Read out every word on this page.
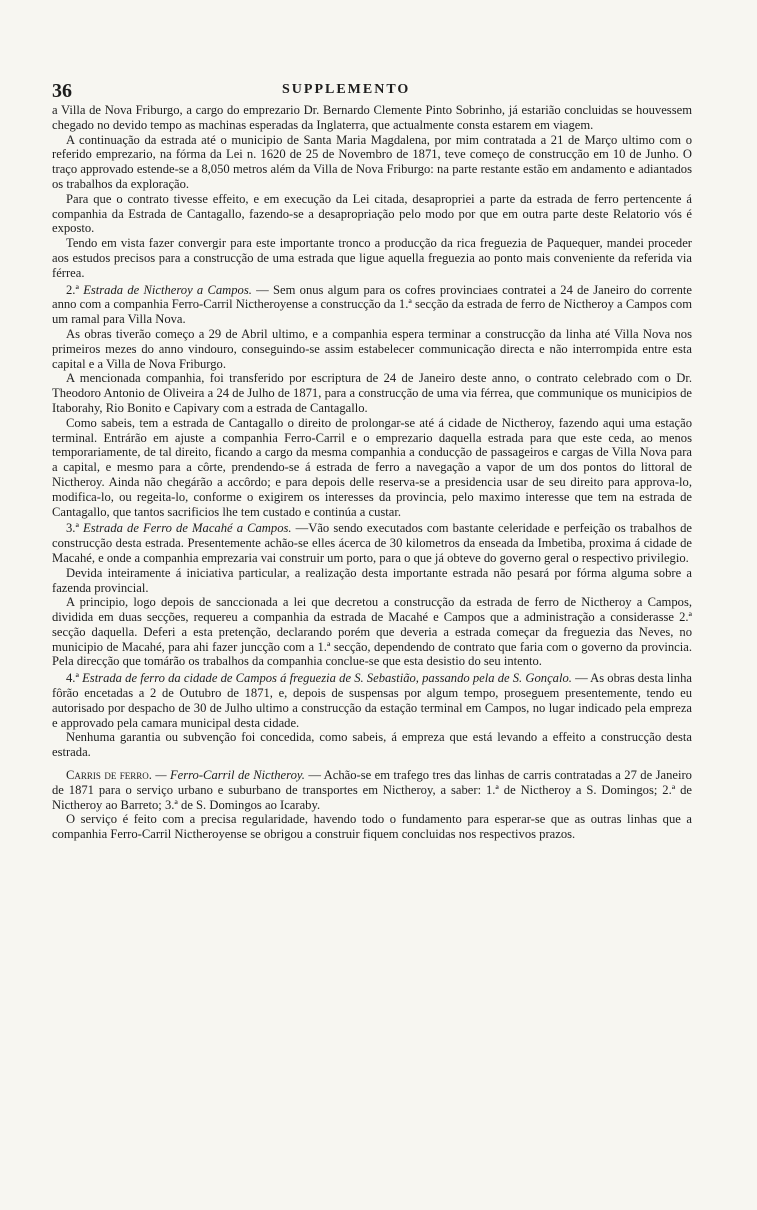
36	SUPPLEMENTO

a Villa de Nova Friburgo, a cargo do emprezario Dr. Bernardo Clemente Pinto Sobrinho, já estarião concluidas se houvessem chegado no devido tempo as machinas esperadas da Inglaterra, que actualmente consta estarem em viagem.

A continuação da estrada até o municipio de Santa Maria Magdalena, por mim contratada a 21 de Março ultimo com o referido emprezario, na fórma da Lei n. 1620 de 25 de Novembro de 1871, teve começo de construcção em 10 de Junho. O traço approvado estende-se a 8,050 metros além da Villa de Nova Friburgo: na parte restante estão em andamento e adiantados os trabalhos da exploração.

Para que o contrato tivesse effeito, e em execução da Lei citada, desapropriei a parte da estrada de ferro pertencente á companhia da Estrada de Cantagallo, fazendo-se a desapropriação pelo modo por que em outra parte deste Relatorio vós é exposto.

Tendo em vista fazer convergir para este importante tronco a producção da rica freguezia de Paquequer, mandei proceder aos estudos precisos para a construcção de uma estrada que ligue aquella freguezia ao ponto mais conveniente da referida via férrea.

2.ª Estrada de Nictheroy a Campos. — Sem onus algum para os cofres provinciaes contratei a 24 de Janeiro do corrente anno com a companhia Ferro-Carril Nictheroyense a construcção da 1.ª secção da estrada de ferro de Nictheroy a Campos com um ramal para Villa Nova.

As obras tiverão começo a 29 de Abril ultimo, e a companhia espera terminar a construcção da linha até Villa Nova nos primeiros mezes do anno vindouro, conseguindo-se assim estabelecer communicação directa e não interrompida entre esta capital e a Villa de Nova Friburgo.

A mencionada companhia, foi transferido por escriptura de 24 de Janeiro deste anno, o contrato celebrado com o Dr. Theodoro Antonio de Oliveira a 24 de Julho de 1871, para a construcção de uma via férrea, que communique os municipios de Itaborahy, Rio Bonito e Capivary com a estrada de Cantagallo.

Como sabeis, tem a estrada de Cantagallo o direito de prolongar-se até á cidade de Nictheroy, fazendo aqui uma estação terminal. Entrárão em ajuste a companhia Ferro-Carril e o emprezario daquella estrada para que este ceda, ao menos temporariamente, de tal direito, ficando a cargo da mesma companhia a conducção de passageiros e cargas de Villa Nova para a capital, e mesmo para a côrte, prendendo-se á estrada de ferro a navegação a vapor de um dos pontos do littoral de Nictheroy. Ainda não chegárão a accôrdo; e para depois delle reserva-se a presidencia usar de seu direito para approva-lo, modifica-lo, ou regeita-lo, conforme o exigirem os interesses da provincia, pelo maximo interesse que tem na estrada de Cantagallo, que tantos sacrificios lhe tem custado e continúa a custar.

3.ª Estrada de Ferro de Macahé a Campos. —Vão sendo executados com bastante celeridade e perfeição os trabalhos de construcção desta estrada. Presentemente achão-se elles ácerca de 30 kilometros da enseada da Imbetiba, proxima á cidade de Macahé, e onde a companhia emprezaria vai construir um porto, para o que já obteve do governo geral o respectivo privilegio.

Devida inteiramente á iniciativa particular, a realização desta importante estrada não pesará por fórma alguma sobre a fazenda provincial.

A principio, logo depois de sanccionada a lei que decretou a construcção da estrada de ferro de Nictheroy a Campos, dividida em duas secções, requereu a companhia da estrada de Macahé e Campos que a administração a considerasse 2.ª secção daquella. Deferi a esta pretenção, declarando porém que deveria a estrada começar da freguezia das Neves, no municipio de Macahé, para ahi fazer juncção com a 1.ª secção, dependendo de contrato que faria com o governo da provincia. Pela direcção que tomárão os trabalhos da companhia conclue-se que esta desistio do seu intento.

4.ª Estrada de ferro da cidade de Campos á freguezia de S. Sebastião, passando pela de S. Gonçalo. — As obras desta linha fôrão encetadas a 2 de Outubro de 1871, e, depois de suspensas por algum tempo, proseguem presentemente, tendo eu autorisado por despacho de 30 de Julho ultimo a construcção da estação terminal em Campos, no lugar indicado pela empreza e approvado pela camara municipal desta cidade.

Nenhuma garantia ou subvenção foi concedida, como sabeis, á empreza que está levando a effeito a construcção desta estrada.

Carris de ferro. — Ferro-Carril de Nictheroy. — Achão-se em trafego tres das linhas de carris contratadas a 27 de Janeiro de 1871 para o serviço urbano e suburbano de transportes em Nictheroy, a saber: 1.ª de Nictheroy a S. Domingos; 2.ª de Nictheroy ao Barreto; 3.ª de S. Domingos ao Icaraby.

O serviço é feito com a precisa regularidade, havendo todo o fundamento para esperar-se que as outras linhas que a companhia Ferro-Carril Nictheroyense se obrigou a construir fiquem concluidas nos respectivos prazos.
